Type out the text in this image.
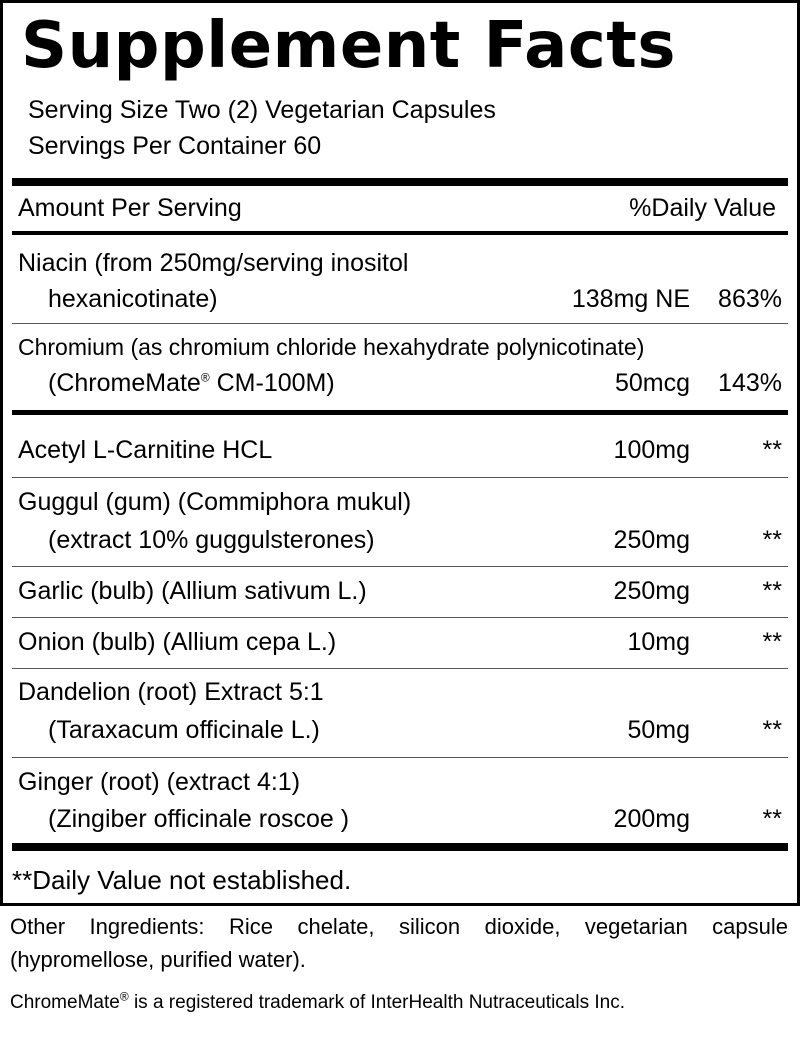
Supplement Facts
Serving Size Two (2) Vegetarian Capsules
Servings Per Container 60
Amount Per Serving	%Daily Value
Niacin (from 250mg/serving inositol
hexanicotinate)	138mg NE 863%
Chromium (as chromium chloride hexahydrate polynicotinate)
(ChromeMate® CM-100M)	50mcg 143%
Acetyl L-Carnitine HCL	100mg	**
Guggul (gum) (Commiphora mukul)
(extract 10% guggulsterones)	250mg	**
Garlic (bulb) (Allium sativum L.)	250mg	**
Onion (bulb) (Allium cepa L.)	10mg	**
Dandelion (root) Extract 5:1
(Taraxacum officinale L.)	50mg	**
Ginger (root) (extract 4:1)
(Zingiber officinale roscoe )	200mg	**
**Daily Value not established.
Other Ingredients: Rice chelate, silicon dioxide, vegetarian capsule (hypromellose, purified water).
ChromeMate® is a registered trademark of InterHealth Nutraceuticals Inc.
